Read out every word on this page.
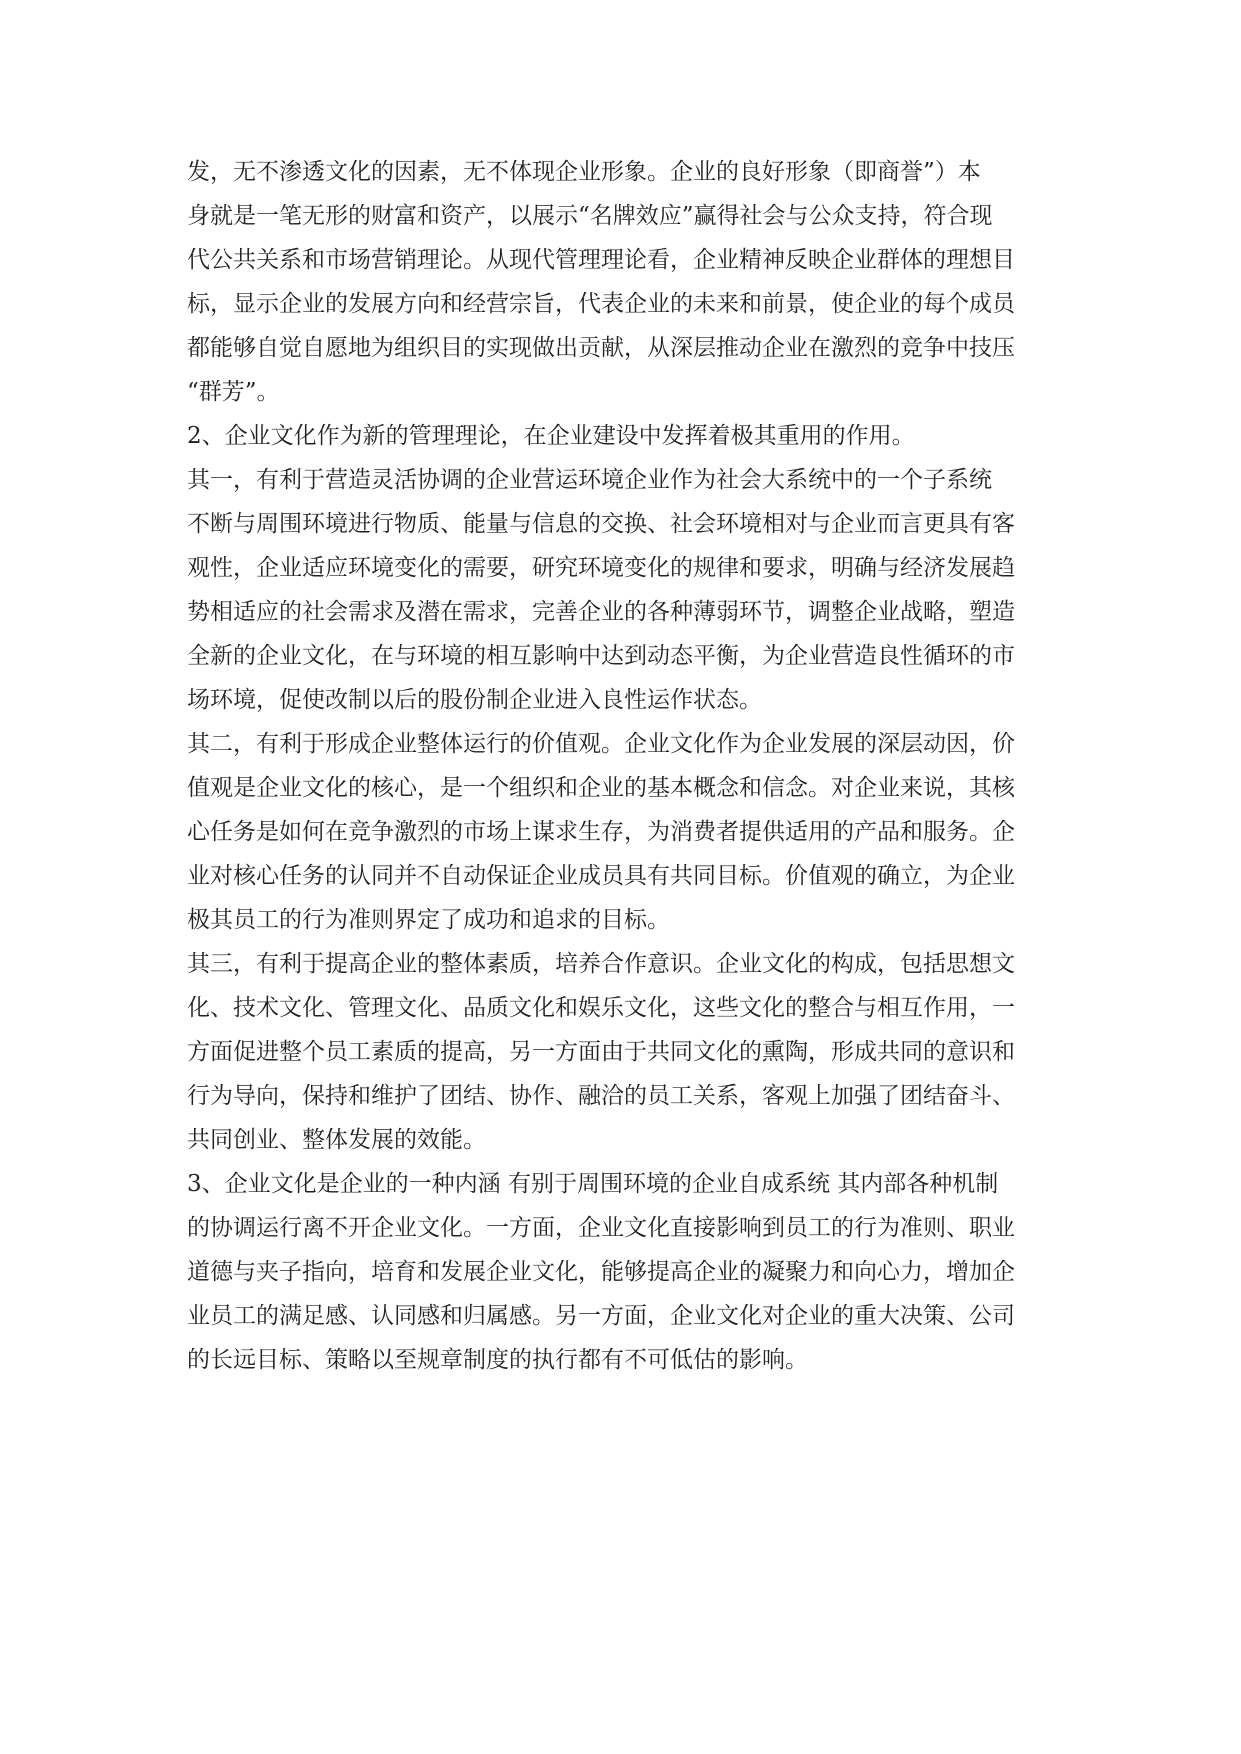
发，无不渗透文化的因素，无不体现企业形象。企业的良好形象（即商誉”）本
身就是一笔无形的财富和资产，以展示“名牌效应”赢得社会与公众支持，符合现
代公共关系和市场营销理论。从现代管理理论看，企业精神反映企业群体的理想目
标，显示企业的发展方向和经营宗旨，代表企业的未来和前景，使企业的每个成员
都能够自觉自愿地为组织目的实现做出贡献，从深层推动企业在激烈的竞争中技压
“群芳”。
2、企业文化作为新的管理理论，在企业建设中发挥着极其重用的作用。
其一，有利于营造灵活协调的企业营运环境企业作为社会大系统中的一个子系统
不断与周围环境进行物质、能量与信息的交换、社会环境相对与企业而言更具有客
观性，企业适应环境变化的需要，研究环境变化的规律和要求，明确与经济发展趋
势相适应的社会需求及潜在需求，完善企业的各种薄弱环节，调整企业战略，塑造
全新的企业文化，在与环境的相互影响中达到动态平衡，为企业营造良性循环的市
场环境，促使改制以后的股份制企业进入良性运作状态。
其二，有利于形成企业整体运行的价值观。企业文化作为企业发展的深层动因，价
值观是企业文化的核心，是一个组织和企业的基本概念和信念。对企业来说，其核
心任务是如何在竞争激烈的市场上谋求生存，为消费者提供适用的产品和服务。企
业对核心任务的认同并不自动保证企业成员具有共同目标。价值观的确立，为企业
极其员工的行为准则界定了成功和追求的目标。
其三，有利于提高企业的整体素质，培养合作意识。企业文化的构成，包括思想文
化、技术文化、管理文化、品质文化和娱乐文化，这些文化的整合与相互作用，一
方面促进整个员工素质的提高，另一方面由于共同文化的熏陶，形成共同的意识和
行为导向，保持和维护了团结、协作、融洽的员工关系，客观上加强了团结奋斗、
共同创业、整体发展的效能。
3、企业文化是企业的一种内涵 有别于周围环境的企业自成系统 其内部各种机制
的协调运行离不开企业文化。一方面，企业文化直接影响到员工的行为准则、职业
道德与夹子指向，培育和发展企业文化，能够提高企业的凝聚力和向心力，增加企
业员工的满足感、认同感和归属感。另一方面，企业文化对企业的重大决策、公司
的长远目标、策略以至规章制度的执行都有不可低估的影响。
